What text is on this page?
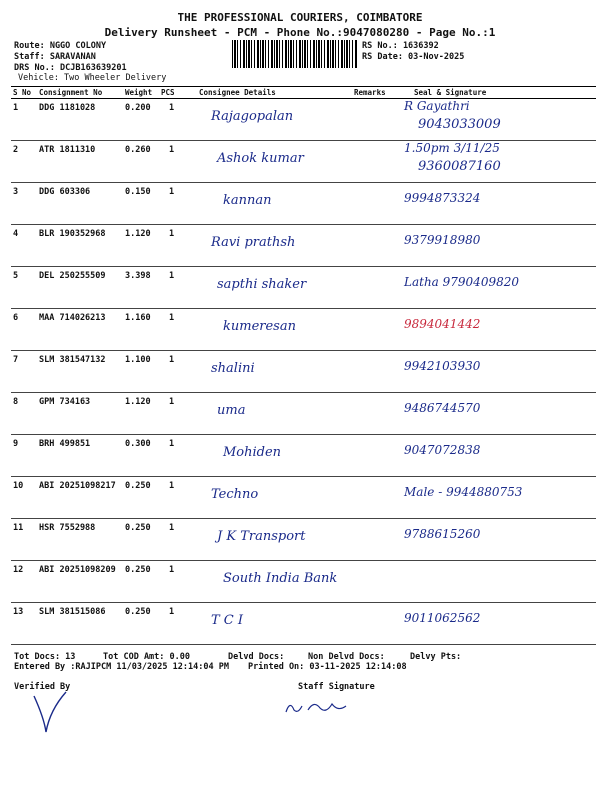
THE PROFESSIONAL COURIERS, COIMBATORE
Delivery Runsheet - PCM - Phone No.:9047080280 - Page No.:1
Route: NGGO COLONY
Staff: SARAVANAN
DRS No.: DCJB163639201
Vehicle: Two Wheeler Delivery
RS No.: 1636392
RS Date: 03-Nov-2025
S No	Consignment No	Weight	PCS	Consignee Details	Remarks	Seal & Signature
1	DDG 1181028	0.200	1	Rajagopalan		R Gayathri
9043033009

2	ATR 1811310	0.260	1	Ashok kumar		1.50pm 3/11/25
9360087160

3	DDG 603306	0.150	1	kannan		9994873324

4	BLR 190352968	1.120	1	Ravi prathsh		9379918980

5	DEL 250255509	3.398	1	sapthi shaker		Latha 9790409820

6	MAA 714026213	1.160	1	kumeresan		9894041442

7	SLM 381547132	1.100	1	shalini		9942103930

8	GPM 734163	1.120	1	uma		9486744570

9	BRH 499851	0.300	1	Mohiden		9047072838

10	ABI 20251098217	0.250	1	Techno		Male - 9944880753

11	HSR 7552988	0.250	1	J K Transport		9788615260

12	ABI 20251098209	0.250	1	South India Bank		

13	SLM 381515086	0.250	1	T C I		9011062562
Tot Docs: 13	Tot COD Amt: 0.00	Delvd Docs:	Non Delvd Docs:	Delvy Pts:
Entered By :RAJIPCM 11/03/2025 12:14:04 PM Printed On: 03-11-2025 12:14:08
Verified By	Staff Signature
